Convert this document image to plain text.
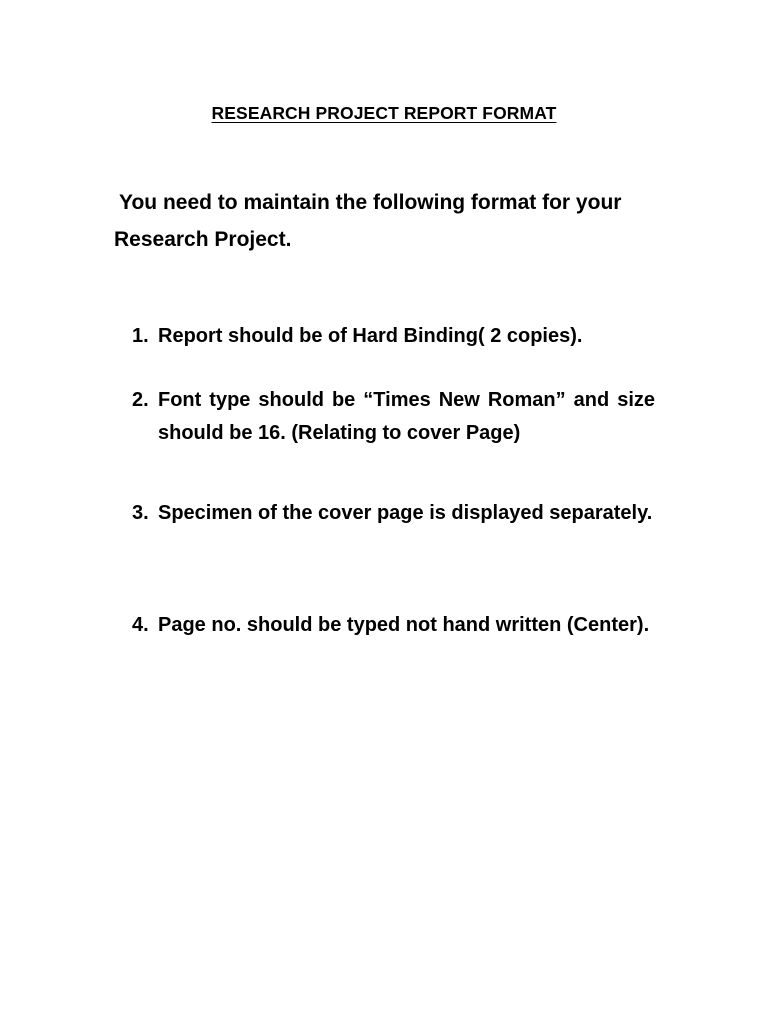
RESEARCH PROJECT REPORT FORMAT

You need to maintain the following format for your
Research Project.

1. Report should be of Hard Binding( 2 copies).
2. Font type should be “Times New Roman” and size should be 16. (Relating to cover Page)
3. Specimen of the cover page is displayed separately.
4. Page no. should be typed not hand written (Center).
